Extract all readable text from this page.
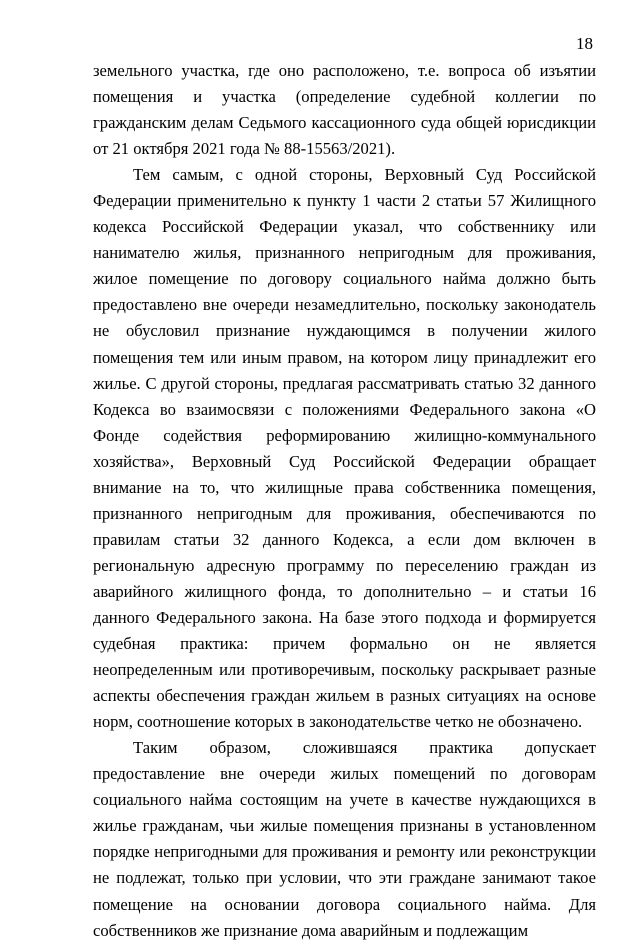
18

земельного участка, где оно расположено, т.е. вопроса об изъятии помещения и участка (определение судебной коллегии по гражданским делам Седьмого кассационного суда общей юрисдикции от 21 октября 2021 года № 88-15563/2021).

Тем самым, с одной стороны, Верховный Суд Российской Федерации применительно к пункту 1 части 2 статьи 57 Жилищного кодекса Российской Федерации указал, что собственнику или нанимателю жилья, признанного непригодным для проживания, жилое помещение по договору социального найма должно быть предоставлено вне очереди незамедлительно, поскольку законодатель не обусловил признание нуждающимся в получении жилого помещения тем или иным правом, на котором лицу принадлежит его жилье. С другой стороны, предлагая рассматривать статью 32 данного Кодекса во взаимосвязи с положениями Федерального закона «О Фонде содействия реформированию жилищно-коммунального хозяйства», Верховный Суд Российской Федерации обращает внимание на то, что жилищные права собственника помещения, признанного непригодным для проживания, обеспечиваются по правилам статьи 32 данного Кодекса, а если дом включен в региональную адресную программу по переселению граждан из аварийного жилищного фонда, то дополнительно – и статьи 16 данного Федерального закона. На базе этого подхода и формируется судебная практика: причем формально он не является неопределенным или противоречивым, поскольку раскрывает разные аспекты обеспечения граждан жильем в разных ситуациях на основе норм, соотношение которых в законодательстве четко не обозначено.

Таким образом, сложившаяся практика допускает предоставление вне очереди жилых помещений по договорам социального найма состоящим на учете в качестве нуждающихся в жилье гражданам, чьи жилые помещения признаны в установленном порядке непригодными для проживания и ремонту или реконструкции не подлежат, только при условии, что эти граждане занимают такое помещение на основании договора социального найма. Для собственников же признание дома аварийным и подлежащим
